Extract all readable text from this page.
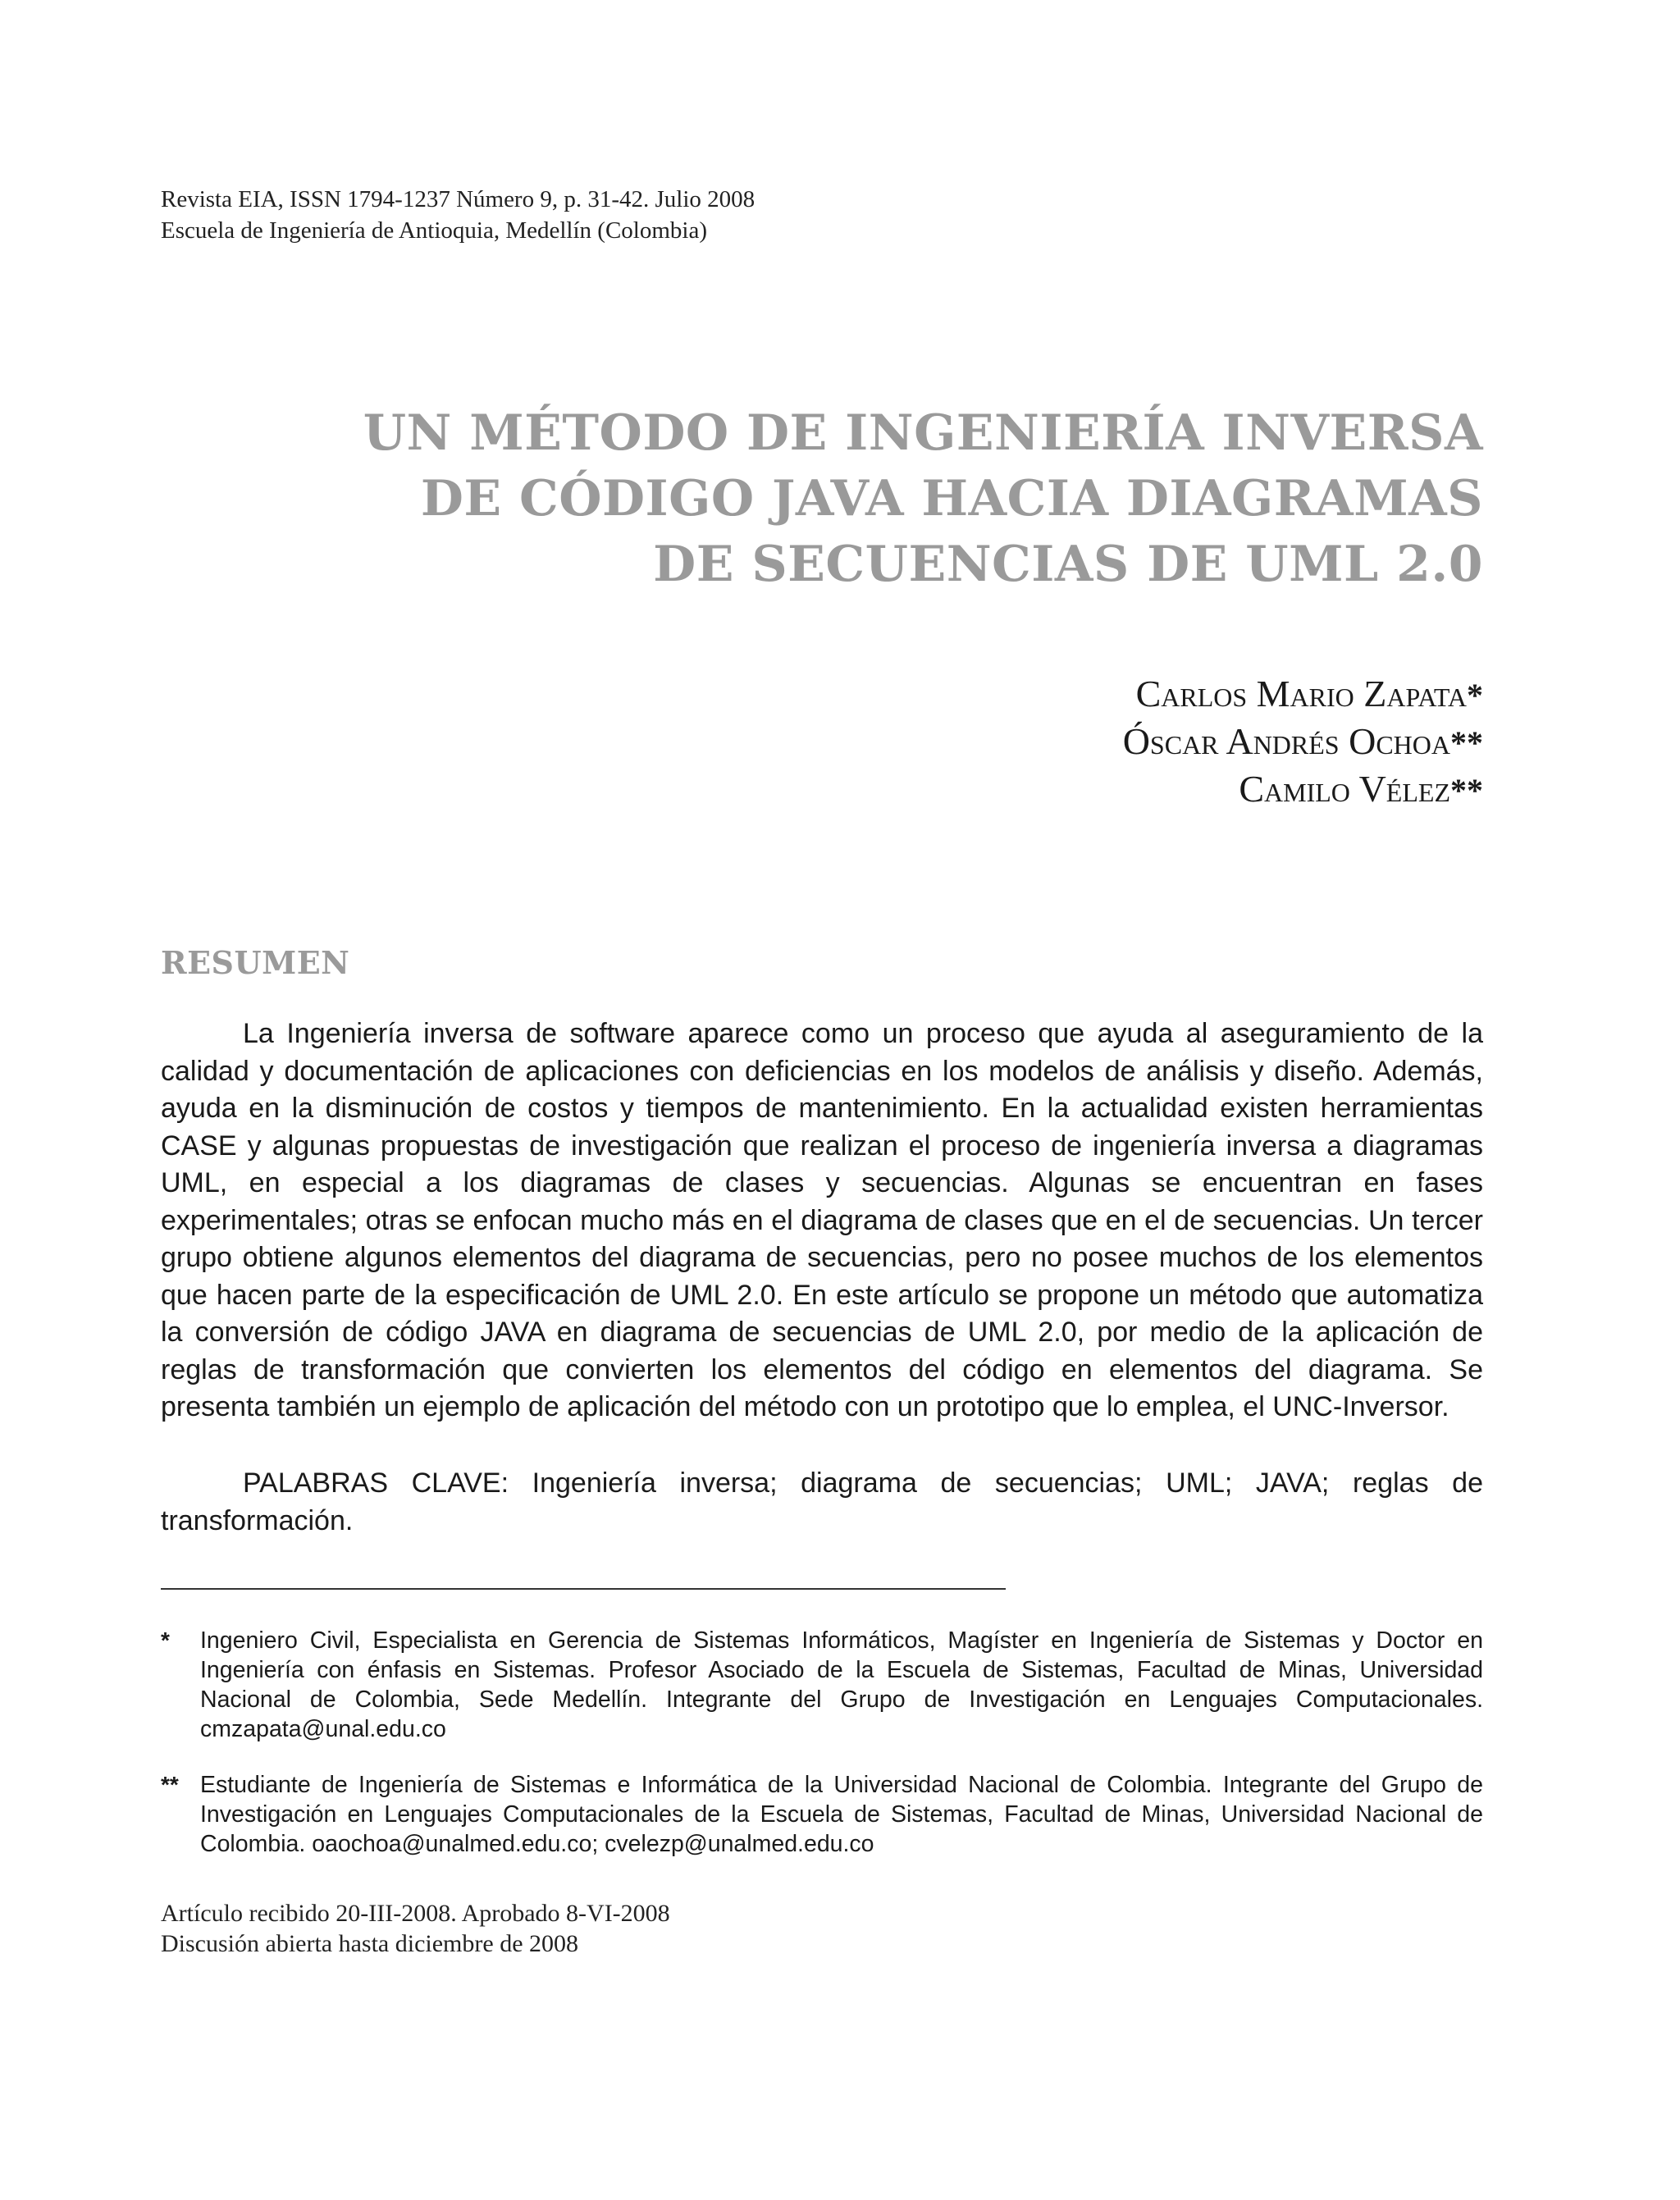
Revista EIA, ISSN 1794-1237 Número 9, p. 31-42. Julio 2008
Escuela de Ingeniería de Antioquia, Medellín (Colombia)
UN MÉTODO DE INGENIERÍA INVERSA
DE CÓDIGO JAVA HACIA DIAGRAMAS
DE SECUENCIAS DE UML 2.0
Carlos Mario Zapata*
Óscar Andrés Ochoa**
Camilo Vélez**
RESUMEN

La Ingeniería inversa de software aparece como un proceso que ayuda al aseguramiento de la calidad y documentación de aplicaciones con deficiencias en los modelos de análisis y diseño. Además, ayuda en la disminución de costos y tiempos de mantenimiento. En la actualidad existen herramientas CASE y algunas propuestas de investigación que realizan el proceso de ingeniería inversa a diagramas UML, en especial a los diagramas de clases y secuencias. Algunas se encuentran en fases experimentales; otras se enfocan mucho más en el diagrama de clases que en el de secuencias. Un tercer grupo obtiene algunos elementos del diagrama de secuencias, pero no posee muchos de los elementos que hacen parte de la especificación de UML 2.0. En este artículo se propone un método que automatiza la conversión de código JAVA en diagrama de secuencias de UML 2.0, por medio de la aplicación de reglas de transformación que convierten los elementos del código en elementos del diagrama. Se presenta también un ejemplo de aplicación del método con un prototipo que lo emplea, el UNC-Inversor.

PALABRAS CLAVE: Ingeniería inversa; diagrama de secuencias; UML; JAVA; reglas de transformación.

*	Ingeniero Civil, Especialista en Gerencia de Sistemas Informáticos, Magíster en Ingeniería de Sistemas y Doctor en Ingeniería con énfasis en Sistemas. Profesor Asociado de la Escuela de Sistemas, Facultad de Minas, Universidad Nacional de Colombia, Sede Medellín. Integrante del Grupo de Investigación en Lenguajes Computacionales. cmzapata@unal.edu.co
** Estudiante de Ingeniería de Sistemas e Informática de la Universidad Nacional de Colombia. Integrante del Grupo de Investigación en Lenguajes Computacionales de la Escuela de Sistemas, Facultad de Minas, Universidad Nacional de Colombia. oaochoa@unalmed.edu.co; cvelezp@unalmed.edu.co
Artículo recibido 20-III-2008. Aprobado 8-VI-2008
Discusión abierta hasta diciembre de 2008
